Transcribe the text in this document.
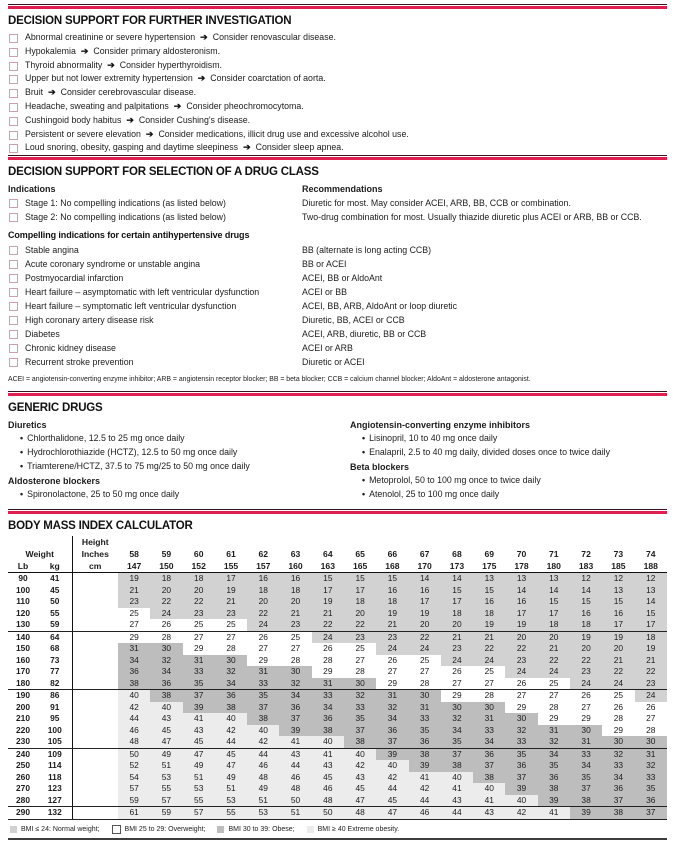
DECISION SUPPORT FOR FURTHER INVESTIGATION
Abnormal creatinine or severe hypertension ➔ Consider renovascular disease.
Hypokalemia ➔ Consider primary aldosteronism.
Thyroid abnormality ➔ Consider hyperthyroidism.
Upper but not lower extremity hypertension ➔ Consider coarctation of aorta.
Bruit ➔ Consider cerebrovascular disease.
Headache, sweating and palpitations ➔ Consider pheochromocytoma.
Cushingoid body habitus ➔ Consider Cushing's disease.
Persistent or severe elevation ➔ Consider medications, illicit drug use and excessive alcohol use.
Loud snoring, obesity, gasping and daytime sleepiness ➔ Consider sleep apnea.
DECISION SUPPORT FOR SELECTION OF A DRUG CLASS
Indications	Recommendations
Stage 1: No compelling indications (as listed below)	Diuretic for most. May consider ACEI, ARB, BB, CCB or combination.
Stage 2: No compelling indications (as listed below)	Two-drug combination for most. Usually thiazide diuretic plus ACEI or ARB, BB or CCB.
Compelling indications for certain antihypertensive drugs
Stable angina	BB (alternate is long acting CCB)
Acute coronary syndrome or unstable angina	BB or ACEI
Postmyocardial infarction	ACEI, BB or AldoAnt
Heart failure – asymptomatic with left ventricular dysfunction	ACEI or BB
Heart failure – symptomatic left ventricular dysfunction	ACEI, BB, ARB, AldoAnt or loop diuretic
High coronary artery disease risk	Diuretic, BB, ACEI or CCB
Diabetes	ACEI, ARB, diuretic, BB or CCB
Chronic kidney disease	ACEI or ARB
Recurrent stroke prevention	Diuretic or ACEI
ACEI = angiotensin-converting enzyme inhibitor; ARB = angiotensin receptor blocker; BB = beta blocker; CCB = calcium channel blocker; AldoAnt = aldosterone antagonist.
GENERIC DRUGS
Diuretics
• Chlorthalidone, 12.5 to 25 mg once daily
• Hydrochlorothiazide (HCTZ), 12.5 to 50 mg once daily
• Triamterene/HCTZ, 37.5 to 75 mg/25 to 50 mg once daily
Aldosterone blockers
• Spironolactone, 25 to 50 mg once daily
Angiotensin-converting enzyme inhibitors
• Lisinopril, 10 to 40 mg once daily
• Enalapril, 2.5 to 40 mg daily, divided doses once to twice daily
Beta blockers
• Metoprolol, 50 to 100 mg once to twice daily
• Atenolol, 25 to 100 mg once daily
BODY MASS INDEX CALCULATOR
		Height																	
Weight		Inches	58	59	60	61	62	63	64	65	66	67	68	69	70	71	72	73	74
Lb	kg	cm	147	150	152	155	157	160	163	165	168	170	173	175	178	180	183	185	188
90	41		19	18	18	17	16	16	15	15	15	14	14	13	13	13	12	12	12
100	45		21	20	20	19	18	18	17	17	16	16	15	15	14	14	14	13	13
110	50		23	22	22	21	20	20	19	18	18	17	17	16	16	15	15	15	14
120	55		25	24	23	23	22	21	21	20	19	19	18	18	17	17	16	16	15
130	59		27	26	25	25	24	23	22	22	21	20	20	19	19	18	18	17	17
140	64		29	28	27	27	26	25	24	23	23	22	21	21	20	20	19	19	18
150	68		31	30	29	28	27	27	26	25	24	24	23	22	22	21	20	20	19
160	73		34	32	31	30	29	28	28	27	26	25	24	24	23	22	22	21	21
170	77		36	34	33	32	31	30	29	28	27	27	26	25	24	24	23	22	22
180	82		38	36	35	34	33	32	31	30	29	28	27	27	26	25	24	24	23
190	86		40	38	37	36	35	34	33	32	31	30	29	28	27	27	26	25	24
200	91		42	40	39	38	37	36	34	33	32	31	30	30	29	28	27	26	26
210	95		44	43	41	40	38	37	36	35	34	33	32	31	30	29	29	28	27
220	100		46	45	43	42	40	39	38	37	36	35	34	33	32	31	30	29	28
230	105		48	47	45	44	42	41	40	38	37	36	35	34	33	32	31	30	30
240	109		50	49	47	45	44	43	41	40	39	38	37	36	35	34	33	32	31
250	114		52	51	49	47	46	44	43	42	40	39	38	37	36	35	34	33	32
260	118		54	53	51	49	48	46	45	43	42	41	40	38	37	36	35	34	33
270	123		57	55	53	51	49	48	46	45	44	42	41	40	39	38	37	36	35
280	127		59	57	55	53	51	50	48	47	45	44	43	41	40	39	38	37	36
290	132		61	59	57	55	53	51	50	48	47	46	44	43	42	41	39	38	37
BMI ≤ 24: Normal weight;	BMI 25 to 29: Overweight;	BMI 30 to 39: Obese;	BMI ≥ 40 Extreme obesity.
